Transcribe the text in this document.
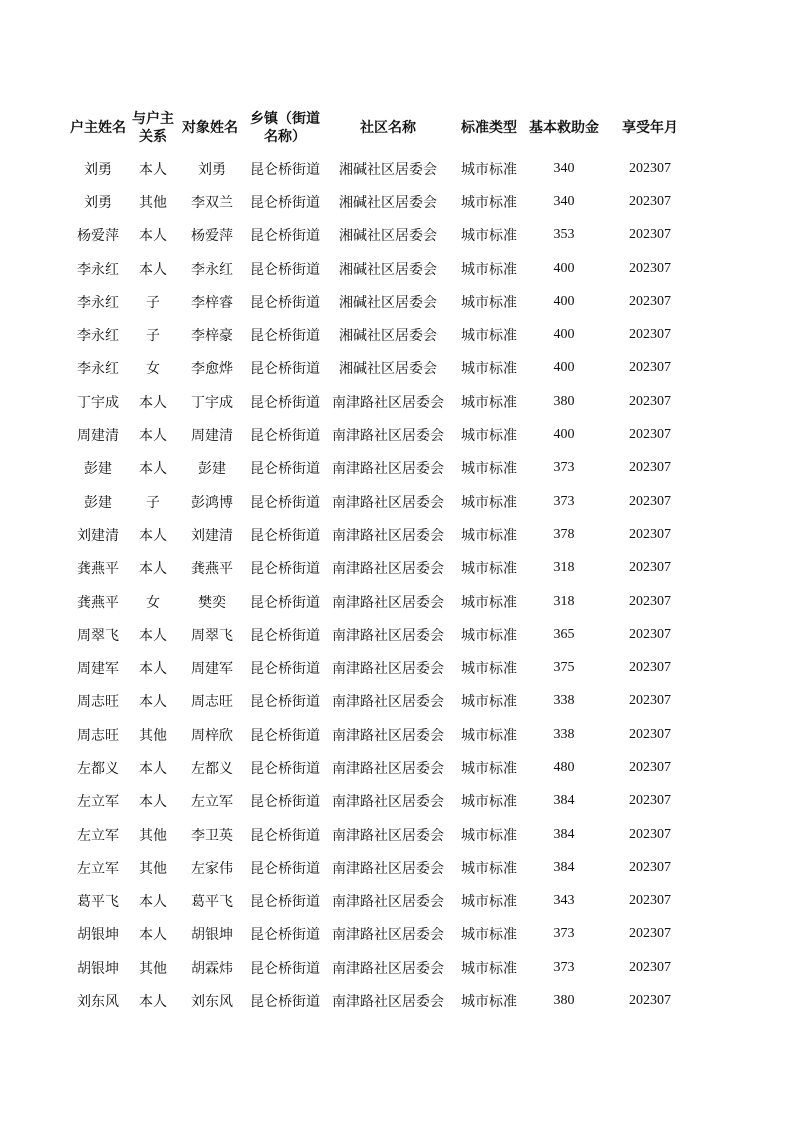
户主姓名	与户主关系	对象姓名	乡镇（街道名称）	社区名称	标准类型	基本救助金	享受年月
刘勇	本人	刘勇	昆仑桥街道	湘碱社区居委会	城市标准	340	202307
刘勇	其他	李双兰	昆仑桥街道	湘碱社区居委会	城市标准	340	202307
杨爱萍	本人	杨爱萍	昆仑桥街道	湘碱社区居委会	城市标准	353	202307
李永红	本人	李永红	昆仑桥街道	湘碱社区居委会	城市标准	400	202307
李永红	子	李梓睿	昆仑桥街道	湘碱社区居委会	城市标准	400	202307
李永红	子	李梓豪	昆仑桥街道	湘碱社区居委会	城市标准	400	202307
李永红	女	李愈烨	昆仑桥街道	湘碱社区居委会	城市标准	400	202307
丁宇成	本人	丁宇成	昆仑桥街道	南津路社区居委会	城市标准	380	202307
周建清	本人	周建清	昆仑桥街道	南津路社区居委会	城市标准	400	202307
彭建	本人	彭建	昆仑桥街道	南津路社区居委会	城市标准	373	202307
彭建	子	彭鸿博	昆仑桥街道	南津路社区居委会	城市标准	373	202307
刘建清	本人	刘建清	昆仑桥街道	南津路社区居委会	城市标准	378	202307
龚燕平	本人	龚燕平	昆仑桥街道	南津路社区居委会	城市标准	318	202307
龚燕平	女	樊奕	昆仑桥街道	南津路社区居委会	城市标准	318	202307
周翠飞	本人	周翠飞	昆仑桥街道	南津路社区居委会	城市标准	365	202307
周建军	本人	周建军	昆仑桥街道	南津路社区居委会	城市标准	375	202307
周志旺	本人	周志旺	昆仑桥街道	南津路社区居委会	城市标准	338	202307
周志旺	其他	周梓欣	昆仑桥街道	南津路社区居委会	城市标准	338	202307
左都义	本人	左都义	昆仑桥街道	南津路社区居委会	城市标准	480	202307
左立军	本人	左立军	昆仑桥街道	南津路社区居委会	城市标准	384	202307
左立军	其他	李卫英	昆仑桥街道	南津路社区居委会	城市标准	384	202307
左立军	其他	左家伟	昆仑桥街道	南津路社区居委会	城市标准	384	202307
葛平飞	本人	葛平飞	昆仑桥街道	南津路社区居委会	城市标准	343	202307
胡银坤	本人	胡银坤	昆仑桥街道	南津路社区居委会	城市标准	373	202307
胡银坤	其他	胡霖炜	昆仑桥街道	南津路社区居委会	城市标准	373	202307
刘东风	本人	刘东风	昆仑桥街道	南津路社区居委会	城市标准	380	202307
